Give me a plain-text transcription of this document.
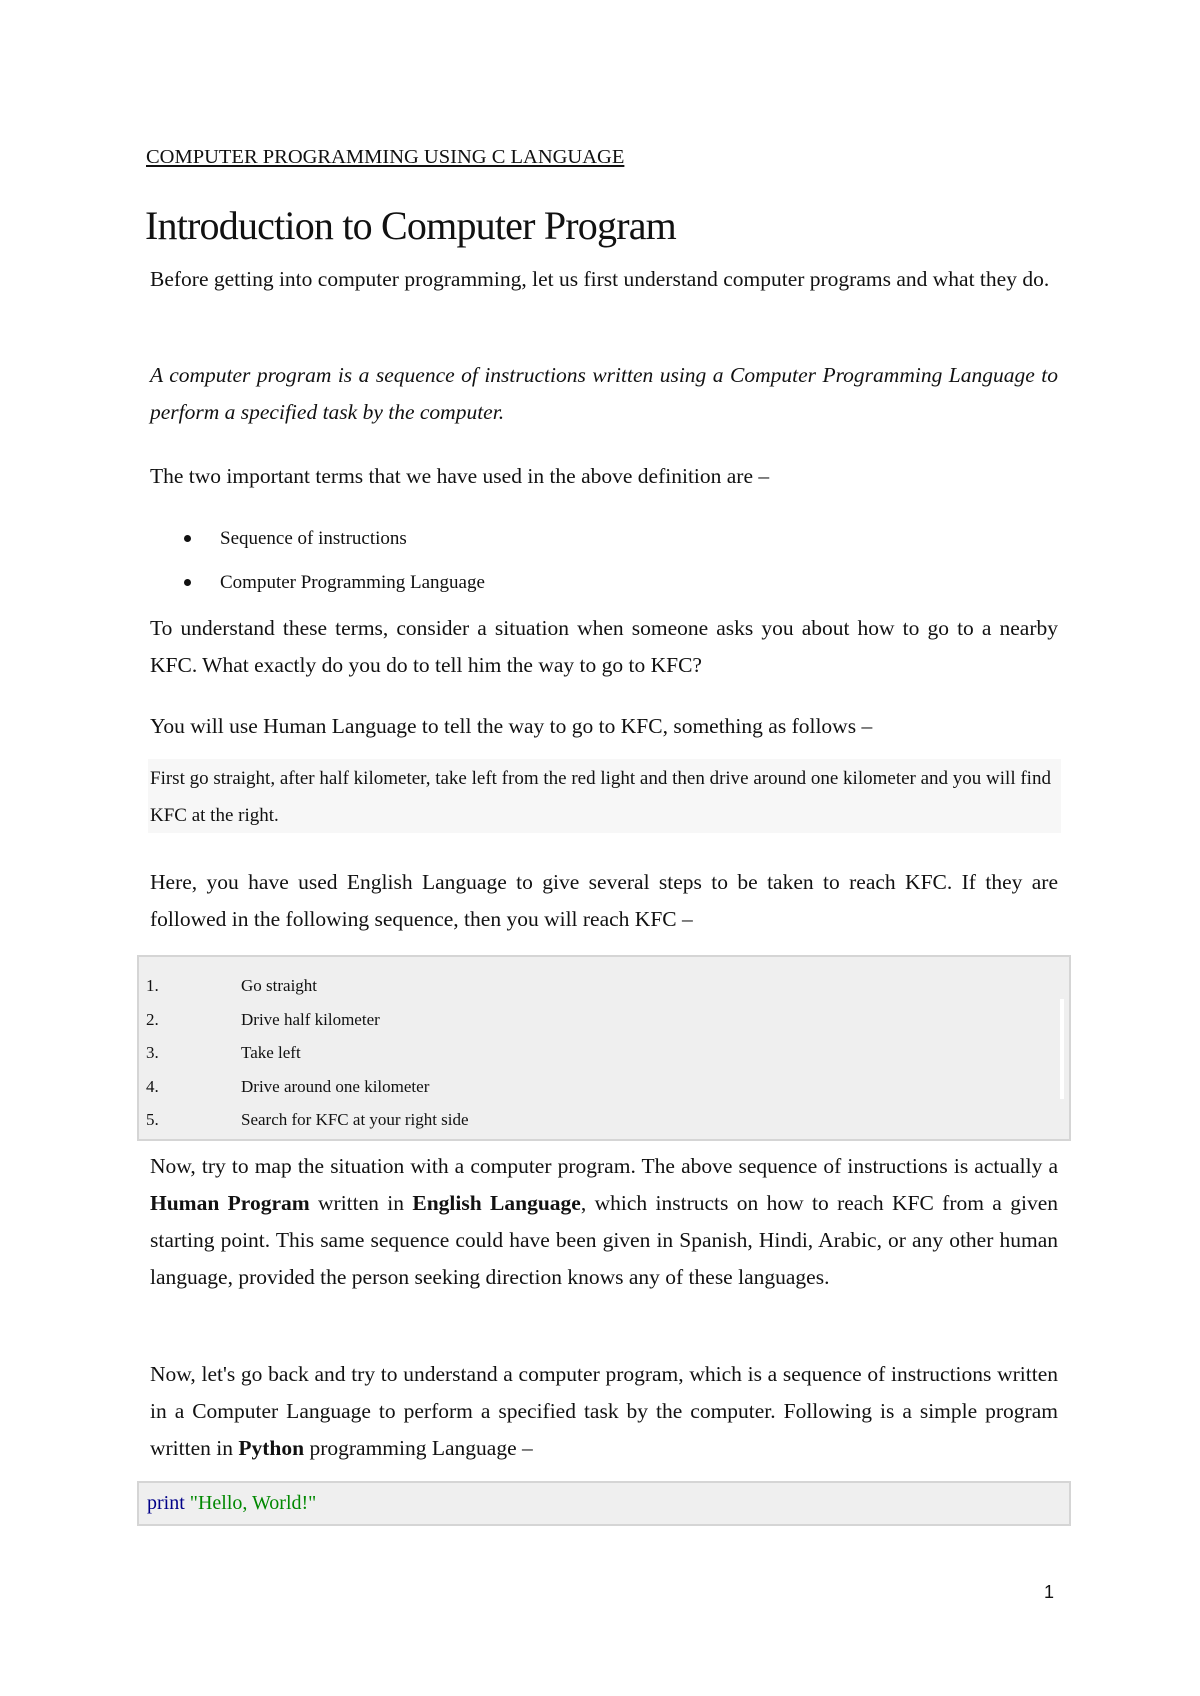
COMPUTER PROGRAMMING USING C LANGUAGE
Introduction to Computer Program

Before getting into computer programming, let us first understand computer programs and what they do.

A computer program is a sequence of instructions written using a Computer Programming Language to perform a specified task by the computer.

The two important terms that we have used in the above definition are –

Sequence of instructions
Computer Programming Language

To understand these terms, consider a situation when someone asks you about how to go to a nearby KFC. What exactly do you do to tell him the way to go to KFC?

You will use Human Language to tell the way to go to KFC, something as follows –

First go straight, after half kilometer, take left from the red light and then drive around one kilometer and you will find KFC at the right.

Here, you have used English Language to give several steps to be taken to reach KFC. If they are followed in the following sequence, then you will reach KFC –

1.	Go straight
2.	Drive half kilometer
3.	Take left
4.	Drive around one kilometer
5.	Search for KFC at your right side

Now, try to map the situation with a computer program. The above sequence of instructions is actually a Human Program written in English Language, which instructs on how to reach KFC from a given starting point. This same sequence could have been given in Spanish, Hindi, Arabic, or any other human language, provided the person seeking direction knows any of these languages.

Now, let's go back and try to understand a computer program, which is a sequence of instructions written in a Computer Language to perform a specified task by the computer. Following is a simple program written in Python programming Language –

print "Hello, World!"
1
